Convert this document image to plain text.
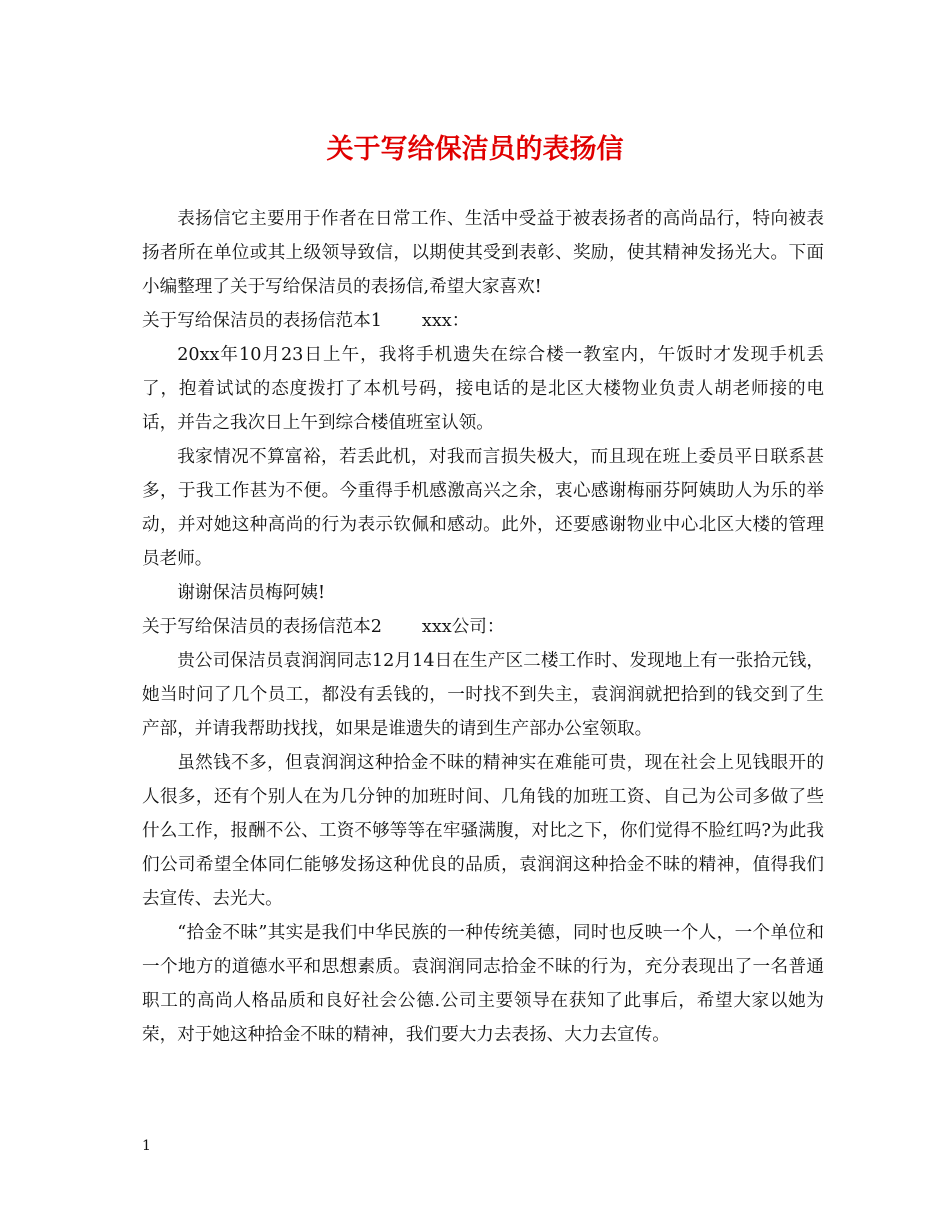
关于写给保洁员的表扬信

表扬信它主要用于作者在日常工作、生活中受益于被表扬者的高尚品行，特向被表扬者所在单位或其上级领导致信，以期使其受到表彰、奖励，使其精神发扬光大。下面小编整理了关于写给保洁员的表扬信,希望大家喜欢!

关于写给保洁员的表扬信范本1 xxx：

20xx年10月23日上午，我将手机遗失在综合楼一教室内，午饭时才发现手机丢了，抱着试试的态度拨打了本机号码，接电话的是北区大楼物业负责人胡老师接的电话，并告之我次日上午到综合楼值班室认领。

我家情况不算富裕，若丢此机，对我而言损失极大，而且现在班上委员平日联系甚多，于我工作甚为不便。今重得手机感激高兴之余，衷心感谢梅丽芬阿姨助人为乐的举动，并对她这种高尚的行为表示钦佩和感动。此外，还要感谢物业中心北区大楼的管理员老师。

谢谢保洁员梅阿姨!

关于写给保洁员的表扬信范本2 xxx公司：

贵公司保洁员袁润润同志12月14日在生产区二楼工作时、发现地上有一张拾元钱，她当时问了几个员工，都没有丢钱的，一时找不到失主，袁润润就把拾到的钱交到了生产部，并请我帮助找找，如果是谁遗失的请到生产部办公室领取。

虽然钱不多，但袁润润这种拾金不昧的精神实在难能可贵，现在社会上见钱眼开的人很多，还有个别人在为几分钟的加班时间、几角钱的加班工资、自己为公司多做了些什么工作，报酬不公、工资不够等等在牢骚满腹，对比之下，你们觉得不脸红吗?为此我们公司希望全体同仁能够发扬这种优良的品质，袁润润这种拾金不昧的精神，值得我们去宣传、去光大。

“拾金不昧”其实是我们中华民族的一种传统美德，同时也反映一个人，一个单位和一个地方的道德水平和思想素质。袁润润同志拾金不昧的行为，充分表现出了一名普通职工的高尚人格品质和良好社会公德.公司主要领导在获知了此事后，希望大家以她为荣，对于她这种拾金不昧的精神，我们要大力去表扬、大力去宣传。

1
